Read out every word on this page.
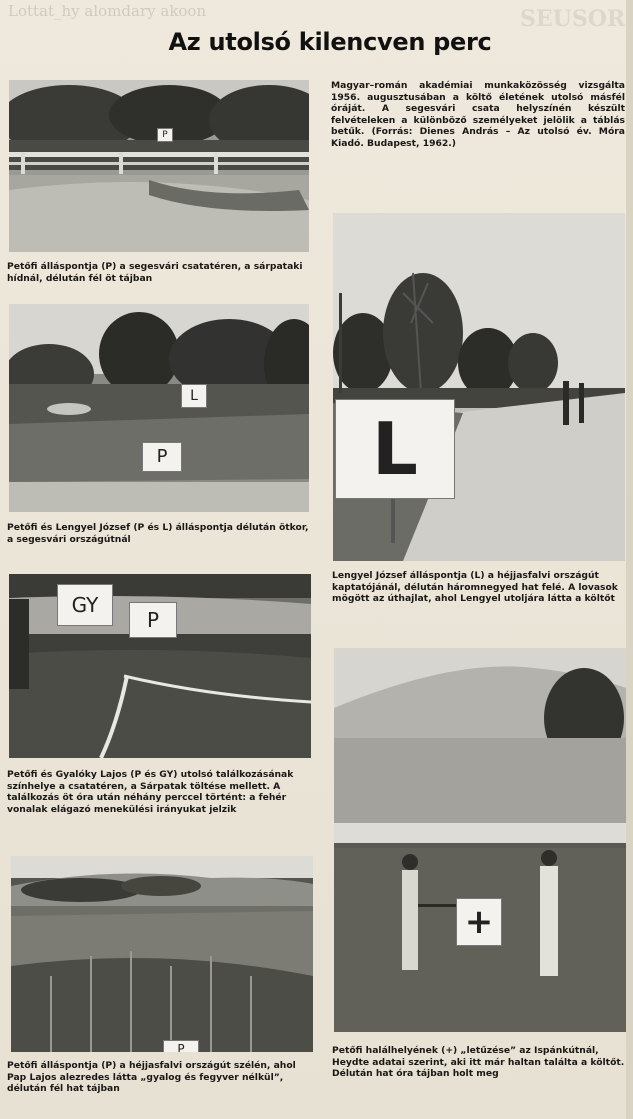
Lottat_hy alomdary akoon	SEUSOR
Az utolsó kilencven perc
P
Petőfi álláspontja (P) a segesvári csatatéren, a sárpataki hídnál, délután fél öt tájban
L
P
Petőfi és Lengyel József (P és L) álláspontja délután ötkor, a segesvári országútnál
GY
P
Petőfi és Gyalóky Lajos (P és GY) utolsó találkozásának színhelye a csatatéren, a Sárpatak töltése mellett. A találkozás öt óra után néhány perccel történt: a fehér vonalak elágazó menekülési irányukat jelzik
P
Petőfi álláspontja (P) a héjjasfalvi országút szélén, ahol Pap Lajos alezredes látta „gyalog és fegyver nélkül”, délután fél hat tájban
Magyar–román akadémiai munkaközösség vizsgálta 1956. augusztusában a költő életének utolsó másfél óráját. A segesvári csata helyszínén készült felvételeken a különböző személyeket jelölik a táblás betűk. (Forrás: Dienes András – Az utolsó év. Móra Kiadó. Budapest, 1962.)
L
Lengyel József álláspontja (L) a héjjasfalvi országút kaptatójánál, délután háromnegyed hat felé. A lovasok mögött az úthajlat, ahol Lengyel utoljára látta a költőt
+
Petőfi halálhelyének (+) „letűzése” az Ispánkútnál, Heydte adatai szerint, aki itt már haltan találta a költőt. Délután hat óra tájban holt meg
